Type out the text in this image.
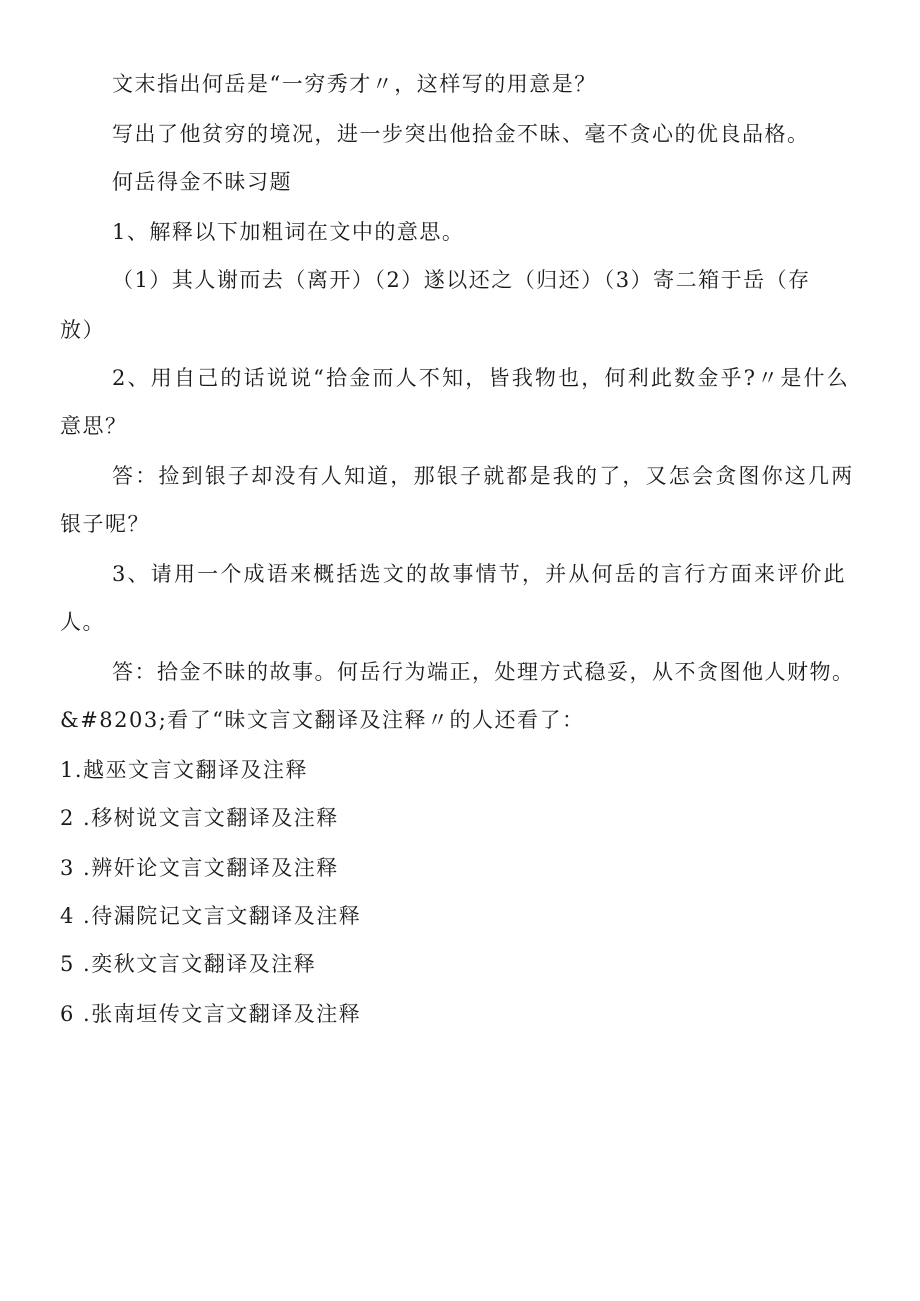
文末指出何岳是“一穷秀才〃，这样写的用意是？
写出了他贫穷的境况，进一步突出他拾金不昧、毫不贪心的优良品格。
何岳得金不昧习题
1、解释以下加粗词在文中的意思。
（1）其人谢而去（离开）（2）遂以还之（归还）（3）寄二箱于岳（存
放）
2、用自己的话说说“拾金而人不知，皆我物也，何利此数金乎?〃是什么
意思？
答：捡到银子却没有人知道，那银子就都是我的了，又怎会贪图你这几两
银子呢？
3、请用一个成语来概括选文的故事情节，并从何岳的言行方面来评价此
人。
答：拾金不昧的故事。何岳行为端正，处理方式稳妥，从不贪图他人财物。
&#8203;看了“昧文言文翻译及注释〃的人还看了：
1.越巫文言文翻译及注释
2 .移树说文言文翻译及注释
3 .辨奸论文言文翻译及注释
4 .待漏院记文言文翻译及注释
5 .奕秋文言文翻译及注释
6 .张南垣传文言文翻译及注释
